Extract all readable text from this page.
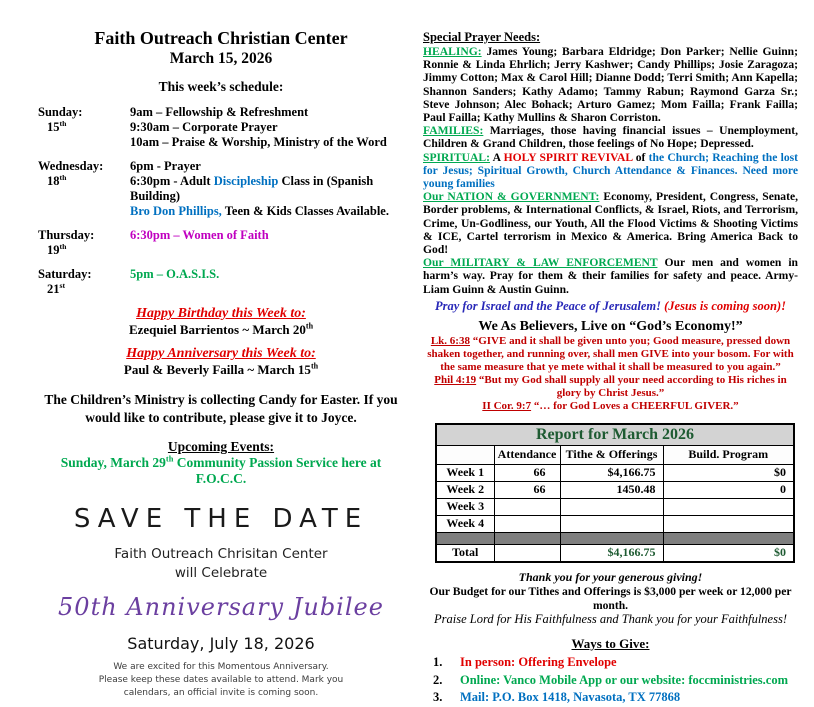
Faith Outreach Christian Center
March 15, 2026
This week’s schedule:
Sunday:
15th
9am – Fellowship & Refreshment
9:30am – Corporate Prayer
10am – Praise & Worship, Ministry of the Word
Wednesday:
18th
6pm - Prayer
6:30pm - Adult Discipleship Class in (Spanish Building)
Bro Don Phillips, Teen & Kids Classes Available.
Thursday:
19th
6:30pm – Women of Faith
Saturday:
21st
5pm – O.A.S.I.S.
Happy Birthday this Week to:
Ezequiel Barrientos ~ March 20th
Happy Anniversary this Week to:
Paul & Beverly Failla ~ March 15th
The Children’s Ministry is collecting Candy for Easter. If you
would like to contribute, please give it to Joyce.
Upcoming Events:
Sunday, March 29th Community Passion Service here at F.O.C.C.
SAVE THE DATE
Faith Outreach Chrisitan Center
will Celebrate
50th Anniversary Jubilee
Saturday, July 18, 2026
We are excited for this Momentous Anniversary.
Please keep these dates available to attend. Mark you
calendars, an official invite is coming soon.
Special Prayer Needs:

HEALING: James Young; Barbara Eldridge; Don Parker; Nellie Guinn; Ronnie & Linda Ehrlich; Jerry Kashwer; Candy Phillips; Josie Zaragoza; Jimmy Cotton; Max & Carol Hill; Dianne Dodd; Terri Smith; Ann Kapella; Shannon Sanders; Kathy Adamo; Tammy Rabun; Raymond Garza Sr.; Steve Johnson; Alec Bohack; Arturo Gamez; Mom Failla; Frank Failla; Paul Failla; Kathy Mullins & Sharon Corriston.

FAMILIES: Marriages, those having financial issues – Unemployment, Children & Grand Children, those feelings of No Hope; Depressed.

SPIRITUAL: A HOLY SPIRIT REVIVAL of the Church; Reaching the lost for Jesus; Spiritual Growth, Church Attendance & Finances. Need more young families

Our NATION & GOVERNMENT: Economy, President, Congress, Senate, Border problems, & International Conflicts, & Israel, Riots, and Terrorism, Crime, Un-Godliness, our Youth, All the Flood Victims & Shooting Victims & ICE, Cartel terrorism in Mexico & America. Bring America Back to God!

Our MILITARY & LAW ENFORCEMENT Our men and women in harm’s way. Pray for them & their families for safety and peace. Army- Liam Guinn & Austin Guinn.

Pray for Israel and the Peace of Jerusalem! (Jesus is coming soon)!
We As Believers, Live on “God’s Economy!”

Lk. 6:38 “GIVE and it shall be given unto you; Good measure, pressed down shaken together, and running over, shall men GIVE into your bosom. For with the same measure that ye mete withal it shall be measured to you again.”

Phil 4:19 “But my God shall supply all your need according to His riches in glory by Christ Jesus.”

II Cor. 9:7 “… for God Loves a CHEERFUL GIVER.”

Report for March 2026			
	Attendance	Tithe & Offerings	Build. Program
Week 1	66	$4,166.75	$0
Week 2	66	1450.48	0
Week 3			
Week 4			

Total		$4,166.75	$0
Thank you for your generous giving!
Our Budget for our Tithes and Offerings is $3,000 per week or 12,000 per month.
Praise Lord for His Faithfulness and Thank you for your Faithfulness!
Ways to Give:
1.	In person: Offering Envelope
2.	Online: Vanco Mobile App or our website: foccministries.com
3.	Mail: P.O. Box 1418, Navasota, TX 77868
